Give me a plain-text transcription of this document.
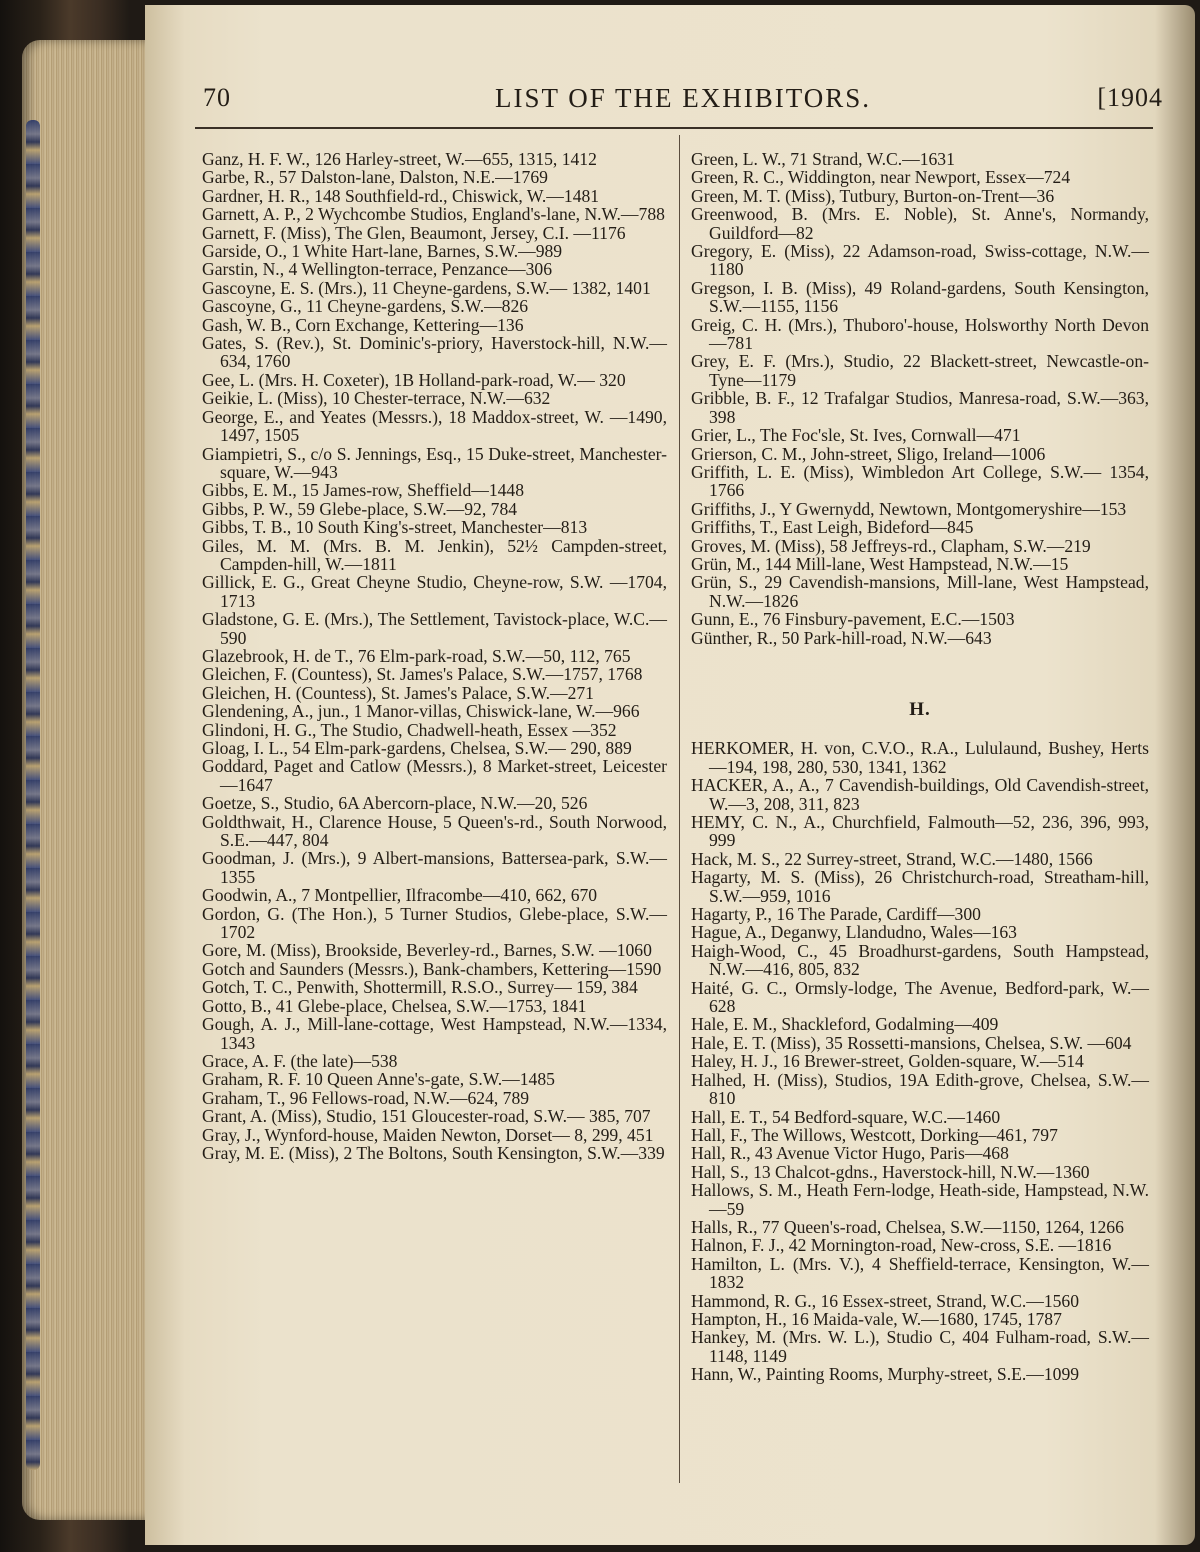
LIST OF THE EXHIBITORS.
70	[1904

Ganz, H. F. W., 126 Harley-street, W.—655, 1315, 1412

Garbe, R., 57 Dalston-lane, Dalston, N.E.—1769

Gardner, H. R., 148 Southfield-rd., Chiswick, W.—1481

Garnett, A. P., 2 Wychcombe Studios, England's-lane, N.W.—788

Garnett, F. (Miss), The Glen, Beaumont, Jersey, C.I. —1176

Garside, O., 1 White Hart-lane, Barnes, S.W.—989

Garstin, N., 4 Wellington-terrace, Penzance—306

Gascoyne, E. S. (Mrs.), 11 Cheyne-gardens, S.W.— 1382, 1401

Gascoyne, G., 11 Cheyne-gardens, S.W.—826

Gash, W. B., Corn Exchange, Kettering—136

Gates, S. (Rev.), St. Dominic's-priory, Haverstock-hill, N.W.—634, 1760

Gee, L. (Mrs. H. Coxeter), 1B Holland-park-road, W.— 320

Geikie, L. (Miss), 10 Chester-terrace, N.W.—632

George, E., and Yeates (Messrs.), 18 Maddox-street, W. —1490, 1497, 1505

Giampietri, S., c/o S. Jennings, Esq., 15 Duke-street, Manchester-square, W.—943

Gibbs, E. M., 15 James-row, Sheffield—1448

Gibbs, P. W., 59 Glebe-place, S.W.—92, 784

Gibbs, T. B., 10 South King's-street, Manchester—813

Giles, M. M. (Mrs. B. M. Jenkin), 52½ Campden-street, Campden-hill, W.—1811

Gillick, E. G., Great Cheyne Studio, Cheyne-row, S.W. —1704, 1713

Gladstone, G. E. (Mrs.), The Settlement, Tavistock-place, W.C.—590

Glazebrook, H. de T., 76 Elm-park-road, S.W.—50, 112, 765

Gleichen, F. (Countess), St. James's Palace, S.W.—1757, 1768

Gleichen, H. (Countess), St. James's Palace, S.W.—271

Glendening, A., jun., 1 Manor-villas, Chiswick-lane, W.—966

Glindoni, H. G., The Studio, Chadwell-heath, Essex —352

Gloag, I. L., 54 Elm-park-gardens, Chelsea, S.W.— 290, 889

Goddard, Paget and Catlow (Messrs.), 8 Market-street, Leicester—1647

Goetze, S., Studio, 6A Abercorn-place, N.W.—20, 526

Goldthwait, H., Clarence House, 5 Queen's-rd., South Norwood, S.E.—447, 804

Goodman, J. (Mrs.), 9 Albert-mansions, Battersea-park, S.W.—1355

Goodwin, A., 7 Montpellier, Ilfracombe—410, 662, 670

Gordon, G. (The Hon.), 5 Turner Studios, Glebe-place, S.W.—1702

Gore, M. (Miss), Brookside, Beverley-rd., Barnes, S.W. —1060

Gotch and Saunders (Messrs.), Bank-chambers, Kettering—1590

Gotch, T. C., Penwith, Shottermill, R.S.O., Surrey— 159, 384

Gotto, B., 41 Glebe-place, Chelsea, S.W.—1753, 1841

Gough, A. J., Mill-lane-cottage, West Hampstead, N.W.—1334, 1343

Grace, A. F. (the late)—538

Graham, R. F. 10 Queen Anne's-gate, S.W.—1485

Graham, T., 96 Fellows-road, N.W.—624, 789

Grant, A. (Miss), Studio, 151 Gloucester-road, S.W.— 385, 707

Gray, J., Wynford-house, Maiden Newton, Dorset— 8, 299, 451

Gray, M. E. (Miss), 2 The Boltons, South Kensington, S.W.—339

Green, L. W., 71 Strand, W.C.—1631

Green, R. C., Widdington, near Newport, Essex—724

Green, M. T. (Miss), Tutbury, Burton-on-Trent—36

Greenwood, B. (Mrs. E. Noble), St. Anne's, Normandy, Guildford—82

Gregory, E. (Miss), 22 Adamson-road, Swiss-cottage, N.W.—1180

Gregson, I. B. (Miss), 49 Roland-gardens, South Kensington, S.W.—1155, 1156

Greig, C. H. (Mrs.), Thuboro'-house, Holsworthy North Devon—781

Grey, E. F. (Mrs.), Studio, 22 Blackett-street, Newcastle-on-Tyne—1179

Gribble, B. F., 12 Trafalgar Studios, Manresa-road, S.W.—363, 398

Grier, L., The Foc'sle, St. Ives, Cornwall—471

Grierson, C. M., John-street, Sligo, Ireland—1006

Griffith, L. E. (Miss), Wimbledon Art College, S.W.— 1354, 1766

Griffiths, J., Y Gwernydd, Newtown, Montgomeryshire—153

Griffiths, T., East Leigh, Bideford—845

Groves, M. (Miss), 58 Jeffreys-rd., Clapham, S.W.—219

Grün, M., 144 Mill-lane, West Hampstead, N.W.—15

Grün, S., 29 Cavendish-mansions, Mill-lane, West Hampstead, N.W.—1826

Gunn, E., 76 Finsbury-pavement, E.C.—1503

Günther, R., 50 Park-hill-road, N.W.—643

H.

HERKOMER, H. von, C.V.O., R.A., Lululaund, Bushey, Herts—194, 198, 280, 530, 1341, 1362

HACKER, A., A., 7 Cavendish-buildings, Old Cavendish-street, W.—3, 208, 311, 823

HEMY, C. N., A., Churchfield, Falmouth—52, 236, 396, 993, 999

Hack, M. S., 22 Surrey-street, Strand, W.C.—1480, 1566

Hagarty, M. S. (Miss), 26 Christchurch-road, Streatham-hill, S.W.—959, 1016

Hagarty, P., 16 The Parade, Cardiff—300

Hague, A., Deganwy, Llandudno, Wales—163

Haigh-Wood, C., 45 Broadhurst-gardens, South Hampstead, N.W.—416, 805, 832

Haité, G. C., Ormsly-lodge, The Avenue, Bedford-park, W.—628

Hale, E. M., Shackleford, Godalming—409

Hale, E. T. (Miss), 35 Rossetti-mansions, Chelsea, S.W. —604

Haley, H. J., 16 Brewer-street, Golden-square, W.—514

Halhed, H. (Miss), Studios, 19A Edith-grove, Chelsea, S.W.—810

Hall, E. T., 54 Bedford-square, W.C.—1460

Hall, F., The Willows, Westcott, Dorking—461, 797

Hall, R., 43 Avenue Victor Hugo, Paris—468

Hall, S., 13 Chalcot-gdns., Haverstock-hill, N.W.—1360

Hallows, S. M., Heath Fern-lodge, Heath-side, Hampstead, N.W.—59

Halls, R., 77 Queen's-road, Chelsea, S.W.—1150, 1264, 1266

Halnon, F. J., 42 Mornington-road, New-cross, S.E. —1816

Hamilton, L. (Mrs. V.), 4 Sheffield-terrace, Kensington, W.—1832

Hammond, R. G., 16 Essex-street, Strand, W.C.—1560

Hampton, H., 16 Maida-vale, W.—1680, 1745, 1787

Hankey, M. (Mrs. W. L.), Studio C, 404 Fulham-road, S.W.—1148, 1149

Hann, W., Painting Rooms, Murphy-street, S.E.—1099
